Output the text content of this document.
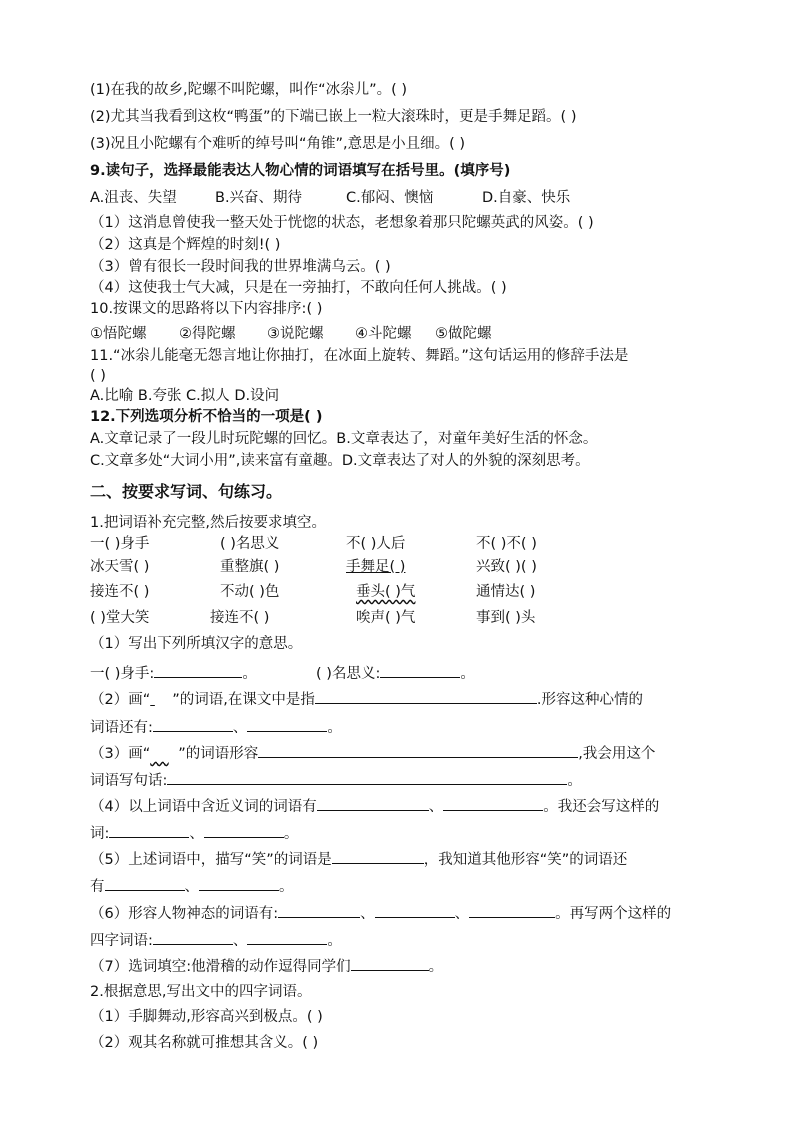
(1)在我的故乡,陀螺不叫陀螺，叫作“冰尜儿”。( )
(2)尤其当我看到这枚“鸭蛋”的下端已嵌上一粒大滚珠时，更是手舞足蹈。( )
(3)况且小陀螺有个难听的绰号叫“角锥”,意思是小且细。( )
9.读句子，选择最能表达人物心情的词语填写在括号里。(填序号)
A.沮丧、失望	B.兴奋、期待	C.郁闷、懊恼	D.自豪、快乐
（1）这消息曾使我一整天处于恍惚的状态，老想象着那只陀螺英武的风姿。( )
（2）这真是个辉煌的时刻!( )
（3）曾有很长一段时间我的世界堆满乌云。( )
（4）这使我士气大减，只是在一旁抽打，不敢向任何人挑战。( )
10.按课文的思路将以下内容排序:( )
①悟陀螺 ②得陀螺 ③说陀螺 ④斗陀螺 ⑤做陀螺
11.“冰尜儿能毫无怨言地让你抽打，在冰面上旋转、舞蹈。”这句话运用的修辞手法是
( )
A.比喻 B.夸张 C.拟人 D.设问
12.下列选项分析不恰当的一项是( )
A.文章记录了一段儿时玩陀螺的回忆。B.文章表达了，对童年美好生活的怀念。
C.文章多处“大词小用”,读来富有童趣。D.文章表达了对人的外貌的深刻思考。
二、按要求写词、句练习。
1.把词语补充完整,然后按要求填空。
一( )身手	( )名思义	不( )人后	不( )不( )
冰天雪( )	重整旗( )	手舞足( )	兴致( )( )
接连不( )	不动( )色	垂头( )气	通情达( )
( )堂大笑	接连不( )	唉声( )气	事到( )头
（1）写出下列所填汉字的意思。
一( )身手:	。	( )名思义:	。
（2）画“ ”的词语,在课文中是指	.形容这种心情的
词语还有:	、	。
（3）画“ ”的词语形容	,我会用这个
词语写句话:	。
（4）以上词语中含近义词的词语有	、	。我还会写这样的
词:	、	。
（5）上述词语中，描写“笑”的词语是	，我知道其他形容“笑”的词语还
有	、	。
（6）形容人物神态的词语有:	、	、	。再写两个这样的
四字词语:	、	。
（7）选词填空:他滑稽的动作逗得同学们	。
2.根据意思,写出文中的四字词语。
（1）手脚舞动,形容高兴到极点。( )
（2）观其名称就可推想其含义。( )
